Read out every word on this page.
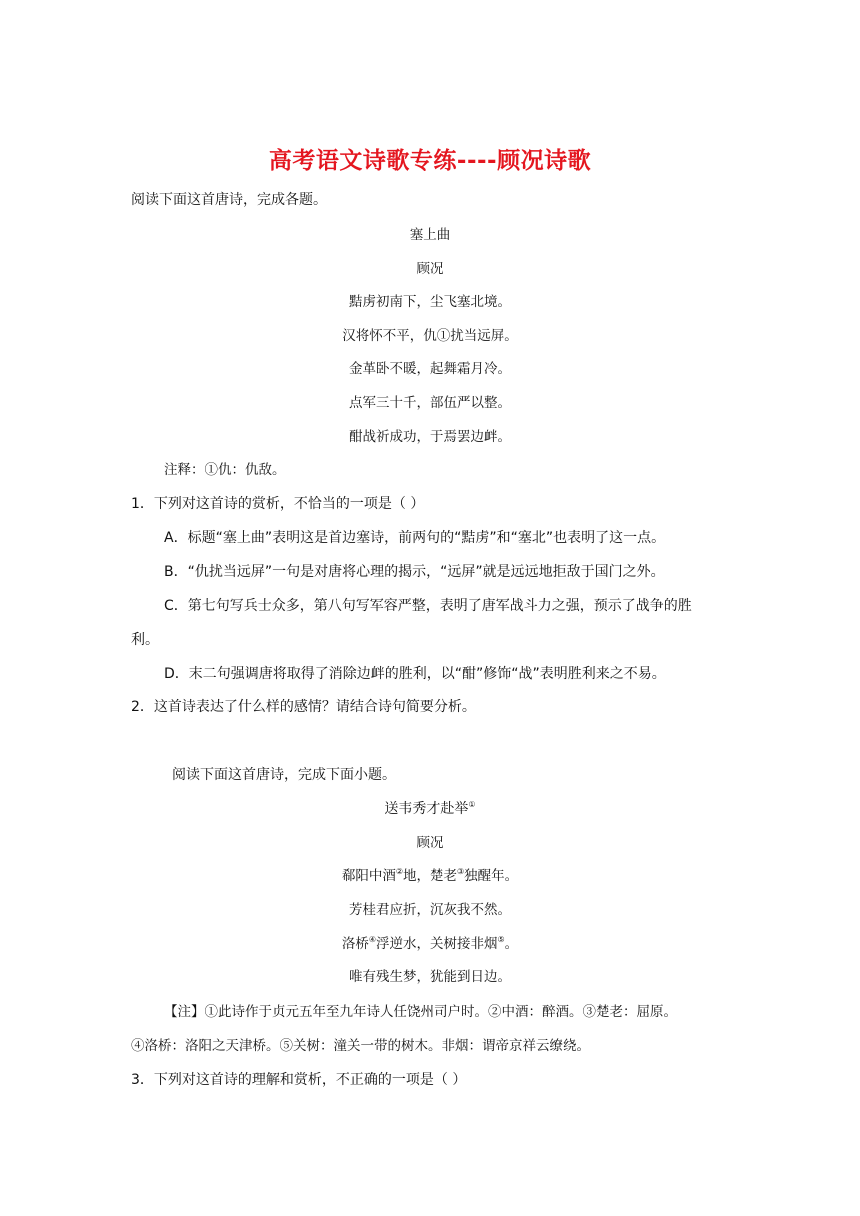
高考语文诗歌专练----顾况诗歌
阅读下面这首唐诗，完成各题。
塞上曲
顾况
黠虏初南下，尘飞塞北境。
汉将怀不平，仇①扰当远屏。
金革卧不暖，起舞霜月冷。
点军三十千，部伍严以整。
酣战祈成功，于焉罢边衅。
注释：①仇：仇敌。
1．下列对这首诗的赏析，不恰当的一项是（ ）
A．标题“塞上曲”表明这是首边塞诗，前两句的“黠虏”和“塞北”也表明了这一点。
B．“仇扰当远屏”一句是对唐将心理的揭示，“远屏”就是远远地拒敌于国门之外。
C．第七句写兵士众多，第八句写军容严整，表明了唐军战斗力之强，预示了战争的胜
利。
D．末二句强调唐将取得了消除边衅的胜利，以“酣”修饰“战”表明胜利来之不易。
2．这首诗表达了什么样的感情？请结合诗句简要分析。
阅读下面这首唐诗，完成下面小题。
送韦秀才赴举①
顾况
郗阳中酒②地，楚老③独醒年。
芳桂君应折，沉灰我不然。
洛桥④浮逆水，关树接非烟⑤。
唯有残生梦，犹能到日边。
【注】①此诗作于贞元五年至九年诗人任饶州司户时。②中酒：醉酒。③楚老：屈原。
④洛桥：洛阳之天津桥。⑤关树：潼关一带的树木。非烟：谓帝京祥云缭绕。
3．下列对这首诗的理解和赏析，不正确的一项是（ ）
